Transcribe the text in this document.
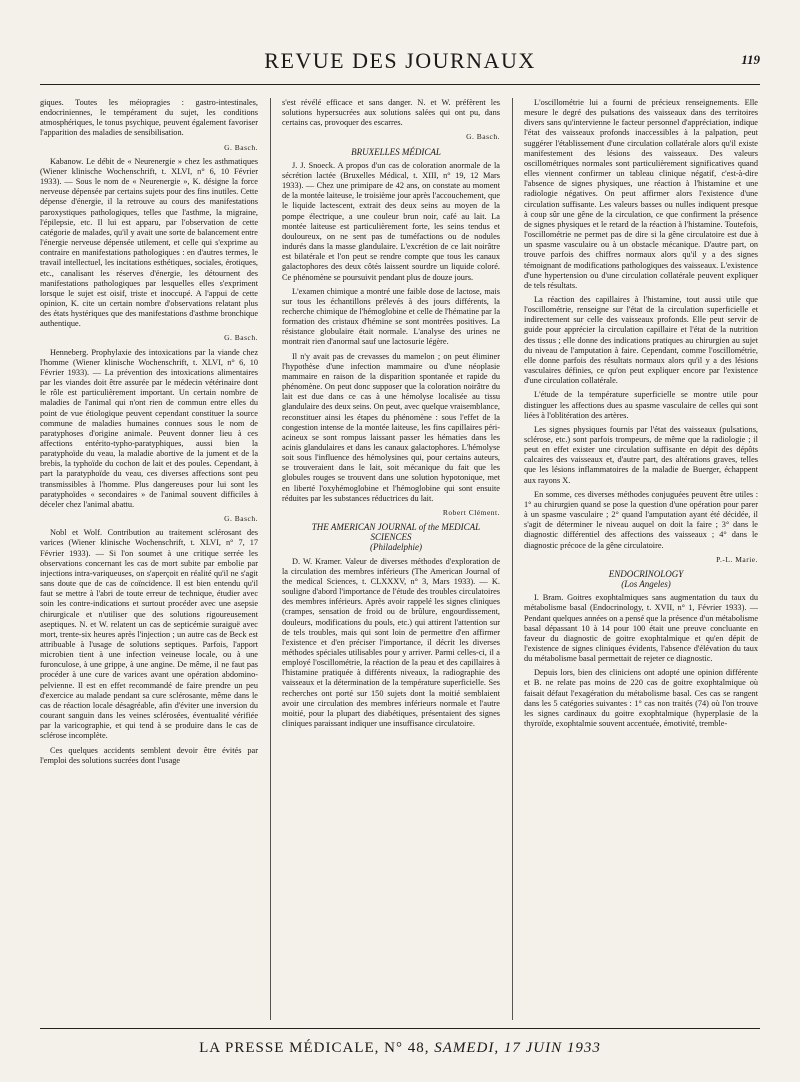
REVUE DES JOURNAUX	119

giques. Toutes les méiopragies : gastro-intestinales, endocriniennes, le tempérament du sujet, les conditions atmosphériques, le tonus psychique, peuvent également favoriser l'apparition des maladies de sensibilisation.

G. Basch.

Kabanow. Le débit de « Neurenergie » chez les asthmatiques (Wiener klinische Wochenschrift, t. XLVI, n° 6, 10 Février 1933). — Sous le nom de « Neurenergie », K. désigne la force nerveuse dépensée par certains sujets pour des fins inutiles. Cette dépense d'énergie, il la retrouve au cours des manifestations paroxystiques pathologiques, telles que l'asthme, la migraine, l'épilepsie, etc. Il lui est apparu, par l'observation de cette catégorie de malades, qu'il y avait une sorte de balancement entre l'énergie nerveuse dépensée utilement, et celle qui s'exprime au contraire en manifestations pathologiques : en d'autres termes, le travail intellectuel, les incitations esthétiques, sociales, érotiques, etc., canalisant les réserves d'énergie, les détournent des manifestations pathologiques par lesquelles elles s'expriment lorsque le sujet est oisif, triste et inoccupé. A l'appui de cette opinion, K. cite un certain nombre d'observations relatant plus des états hystériques que des manifestations d'asthme bronchique authentique.

G. Basch.

Henneberg. Prophylaxie des intoxications par la viande chez l'homme (Wiener klinische Wochenschrift, t. XLVI, n° 6, 10 Février 1933). — La prévention des intoxications alimentaires par les viandes doit être assurée par le médecin vétérinaire dont le rôle est particulièrement important. Un certain nombre de maladies de l'animal qui n'ont rien de commun entre elles du point de vue étiologique peuvent cependant constituer la source commune de maladies humaines connues sous le nom de paratyphoses d'origine animale. Peuvent donner lieu à ces affections entérito-typho-paratyphiques, aussi bien la paratyphoïde du veau, la maladie abortive de la jument et de la brebis, la typhoïde du cochon de lait et des poules. Cependant, à part la paratyphoïde du veau, ces diverses affections sont peu transmissibles à l'homme. Plus dangereuses pour lui sont les paratyphoïdes « secondaires » de l'animal souvent difficiles à déceler chez l'animal abattu.

G. Basch.

Nobl et Wolf. Contribution au traitement sclérosant des varices (Wiener klinische Wochenschrift, t. XLVI, n° 7, 17 Février 1933). — Si l'on soumet à une critique serrée les observations concernant les cas de mort subite par embolie par injections intra-variqueuses, on s'aperçoit en réalité qu'il ne s'agit sans doute que de cas de coïncidence. Il est bien entendu qu'il faut se mettre à l'abri de toute erreur de technique, étudier avec soin les contre-indications et surtout procéder avec une asepsie chirurgicale et n'utiliser que des solutions rigoureusement aseptiques. N. et W. relatent un cas de septicémie suraiguë avec mort, trente-six heures après l'injection ; un autre cas de Beck est attribuable à l'usage de solutions septiques. Parfois, l'apport microbien tient à une infection veineuse locale, ou à une furonculose, à une grippe, à une angine. De même, il ne faut pas procéder à une cure de varices avant une opération abdomino-pelvienne. Il est en effet recommandé de faire prendre un peu d'exercice au malade pendant sa cure sclérosante, même dans le cas de réaction locale désagréable, afin d'éviter une inversion du courant sanguin dans les veines sclérosées, éventualité vérifiée par la varicographie, et qui tend à se produire dans le cas de sclérose incomplète.

Ces quelques accidents semblent devoir être évités par l'emploi des solutions sucrées dont l'usage

s'est révélé efficace et sans danger. N. et W. préfèrent les solutions hypersucrées aux solutions salées qui ont pu, dans certains cas, provoquer des escarres.

G. Basch.

BRUXELLES MÉDICAL

J. J. Snoeck. A propos d'un cas de coloration anormale de la sécrétion lactée (Bruxelles Médical, t. XIII, n° 19, 12 Mars 1933). — Chez une primipare de 42 ans, on constate au moment de la montée laiteuse, le troisième jour après l'accouchement, que le liquide lactescent, extrait des deux seins au moyen de la pompe électrique, a une couleur brun noir, café au lait. La montée laiteuse est particulièrement forte, les seins tendus et douloureux, on ne sent pas de tuméfactions ou de nodules indurés dans la masse glandulaire. L'excrétion de ce lait noirâtre est bilatérale et l'on peut se rendre compte que tous les canaux galactophores des deux côtés laissent sourdre un liquide coloré. Ce phénomène se poursuivit pendant plus de douze jours.

L'examen chimique a montré une faible dose de lactose, mais sur tous les échantillons prélevés à des jours différents, la recherche chimique de l'hémoglobine et celle de l'hématine par la formation des cristaux d'hémine se sont montrées positives. La résistance globulaire était normale. L'analyse des urines ne montrait rien d'anormal sauf une lactosurie légère.

Il n'y avait pas de crevasses du mamelon ; on peut éliminer l'hypothèse d'une infection mammaire ou d'une néoplasie mammaire en raison de la disparition spontanée et rapide du phénomène. On peut donc supposer que la coloration noirâtre du lait est due dans ce cas à une hémolyse localisée au tissu glandulaire des deux seins. On peut, avec quelque vraisemblance, reconstituer ainsi les étapes du phénomène : sous l'effet de la congestion intense de la montée laiteuse, les fins capillaires péri-acineux se sont rompus laissant passer les hématies dans les acinis glandulaires et dans les canaux galactophores. L'hémolyse soit sous l'influence des hémolysines qui, pour certains auteurs, se trouveraient dans le lait, soit mécanique du fait que les globules rouges se trouvent dans une solution hypotonique, met en liberté l'oxyhémoglobine et l'hémoglobine qui sont ensuite réduites par les substances réductrices du lait.

Robert Clément.

THE AMERICAN JOURNAL of the MEDICAL SCIENCES

(Philadelphie)

D. W. Kramer. Valeur de diverses méthodes d'exploration de la circulation des membres inférieurs (The American Journal of the medical Sciences, t. CLXXXV, n° 3, Mars 1933). — K. souligne d'abord l'importance de l'étude des troubles circulatoires des membres inférieurs. Après avoir rappelé les signes cliniques (crampes, sensation de froid ou de brûlure, engourdissement, douleurs, modifications du pouls, etc.) qui attirent l'attention sur de tels troubles, mais qui sont loin de permettre d'en affirmer l'existence et d'en préciser l'importance, il décrit les diverses méthodes spéciales utilisables pour y arriver. Parmi celles-ci, il a employé l'oscillométrie, la réaction de la peau et des capillaires à l'histamine pratiquée à différents niveaux, la radiographie des vaisseaux et la détermination de la température superficielle. Ses recherches ont porté sur 150 sujets dont la moitié semblaient avoir une circulation des membres inférieurs normale et l'autre moitié, pour la plupart des diabétiques, présentaient des signes cliniques paraissant indiquer une insuffisance circulatoire.

L'oscillométrie lui a fourni de précieux renseignements. Elle mesure le degré des pulsations des vaisseaux dans des territoires divers sans qu'intervienne le facteur personnel d'appréciation, indique l'état des vaisseaux profonds inaccessibles à la palpation, peut suggérer l'établissement d'une circulation collatérale alors qu'il existe manifestement des lésions des vaisseaux. Des valeurs oscillométriques normales sont particulièrement significatives quand elles viennent confirmer un tableau clinique négatif, c'est-à-dire l'absence de signes physiques, une réaction à l'histamine et une radiologie négatives. On peut affirmer alors l'existence d'une circulation suffisante. Les valeurs basses ou nulles indiquent presque à coup sûr une gêne de la circulation, ce que confirment la présence de signes physiques et le retard de la réaction à l'histamine. Toutefois, l'oscillométrie ne permet pas de dire si la gêne circulatoire est due à un spasme vasculaire ou à un obstacle mécanique. D'autre part, on trouve parfois des chiffres normaux alors qu'il y a des signes témoignant de modifications pathologiques des vaisseaux. L'existence d'une hypertension ou d'une circulation collatérale peuvent expliquer de tels résultats.

La réaction des capillaires à l'histamine, tout aussi utile que l'oscillométrie, renseigne sur l'état de la circulation superficielle et indirectement sur celle des vaisseaux profonds. Elle peut servir de guide pour apprécier la circulation capillaire et l'état de la nutrition des tissus ; elle donne des indications pratiques au chirurgien au sujet du niveau de l'amputation à faire. Cependant, comme l'oscillométrie, elle donne parfois des résultats normaux alors qu'il y a des lésions vasculaires définies, ce qu'on peut expliquer encore par l'existence d'une circulation collatérale.

L'étude de la température superficielle se montre utile pour distinguer les affections dues au spasme vasculaire de celles qui sont liées à l'oblitération des artères.

Les signes physiques fournis par l'état des vaisseaux (pulsations, sclérose, etc.) sont parfois trompeurs, de même que la radiologie ; il peut en effet exister une circulation suffisante en dépit des dépôts calcaires des vaisseaux et, d'autre part, des altérations graves, telles que les lésions inflammatoires de la maladie de Buerger, échappent aux rayons X.

En somme, ces diverses méthodes conjuguées peuvent être utiles : 1° au chirurgien quand se pose la question d'une opération pour parer à un spasme vasculaire ; 2° quand l'amputation ayant été décidée, il s'agit de déterminer le niveau auquel on doit la faire ; 3° dans le diagnostic différentiel des affections des vaisseaux ; 4° dans le diagnostic précoce de la gêne circulatoire.

P.-L. Marie.

ENDOCRINOLOGY

(Los Angeles)

I. Bram. Goitres exophtalmiques sans augmentation du taux du métabolisme basal (Endocrinology, t. XVII, n° 1, Février 1933). — Pendant quelques années on a pensé que la présence d'un métabolisme basal dépassant 10 à 14 pour 100 était une preuve concluante en faveur du diagnostic de goitre exophtalmique et qu'en dépit de l'existence de signes cliniques évidents, l'absence d'élévation du taux du métabolisme basal permettait de rejeter ce diagnostic.

Depuis lors, bien des cliniciens ont adopté une opinion différente et B. ne relate pas moins de 220 cas de goitre exophtalmique où faisait défaut l'exagération du métabolisme basal. Ces cas se rangent dans les 5 catégories suivantes : 1° cas non traités (74) où l'on trouve les signes cardinaux du goitre exophtalmique (hyperplasie de la thyroïde, exophtalmie souvent accentuée, émotivité, tremble-

LA PRESSE MÉDICALE, N° 48, SAMEDI, 17 JUIN 1933
